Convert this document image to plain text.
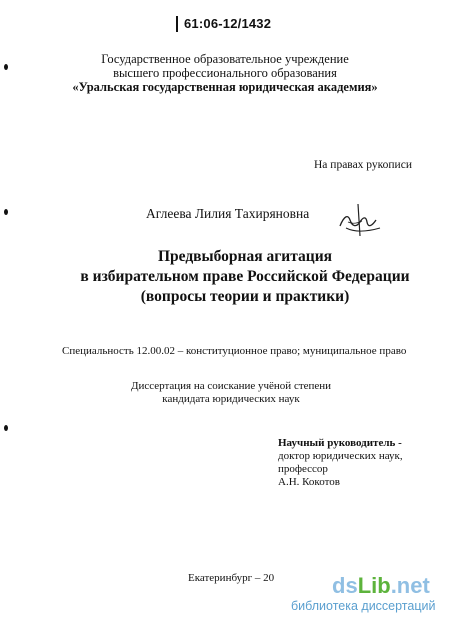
61:06-12/1432
Государственное образовательное учреждение
высшего профессионального образования
«Уральская государственная юридическая академия»
На правах рукописи
Аглеева Лилия Тахиряновна
Предвыборная агитация
в избирательном праве Российской Федерации
(вопросы теории и практики)
Специальность 12.00.02 – конституционное право; муниципальное право
Диссертация на соискание учёной степени
кандидата юридических наук
Научный руководитель -
доктор юридических наук,
профессор
А.Н. Кокотов
Екатеринбург – 20	dsLib.net
библиотека диссертаций
